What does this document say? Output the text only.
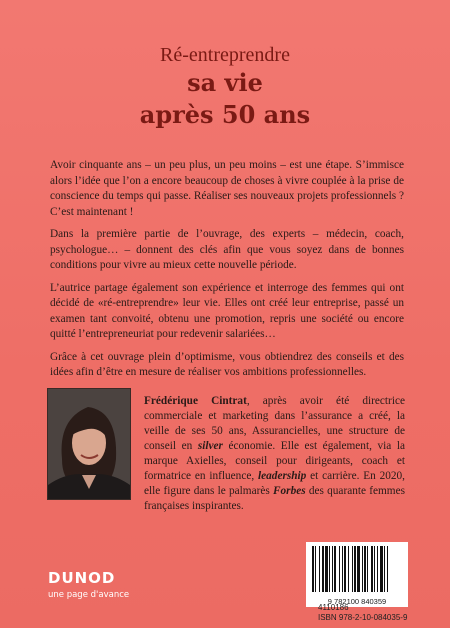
Ré-entreprendre
sa vie
après 50 ans

Avoir cinquante ans – un peu plus, un peu moins – est une étape. S’immisce alors l’idée que l’on a encore beaucoup de choses à vivre couplée à la prise de conscience du temps qui passe. Réaliser ses nouveaux projets professionnels ? C’est maintenant !

Dans la première partie de l’ouvrage, des experts – médecin, coach, psychologue… – donnent des clés afin que vous soyez dans de bonnes conditions pour vivre au mieux cette nouvelle période.

L’autrice partage également son expérience et interroge des femmes qui ont décidé de «ré-entreprendre» leur vie. Elles ont créé leur entreprise, passé un examen tant convoité, obtenu une promotion, repris une société ou encore quitté l’entrepreneuriat pour redevenir salariées…

Grâce à cet ouvrage plein d’optimisme, vous obtiendrez des conseils et des idées afin d’être en mesure de réaliser vos ambitions professionnelles.

Frédérique Cintrat, après avoir été directrice commerciale et marketing dans l’assurance a créé, la veille de ses 50 ans, Assurancielles, une structure de conseil en silver économie. Elle est également, via la marque Axielles, conseil pour dirigeants, coach et formatrice en influence, leadership et carrière. En 2020, elle figure dans le palmarès Forbes des quarante femmes françaises inspirantes.
DUNOD
une page d'avance
9 782100 840359
4110186
ISBN 978-2-10-084035-9
